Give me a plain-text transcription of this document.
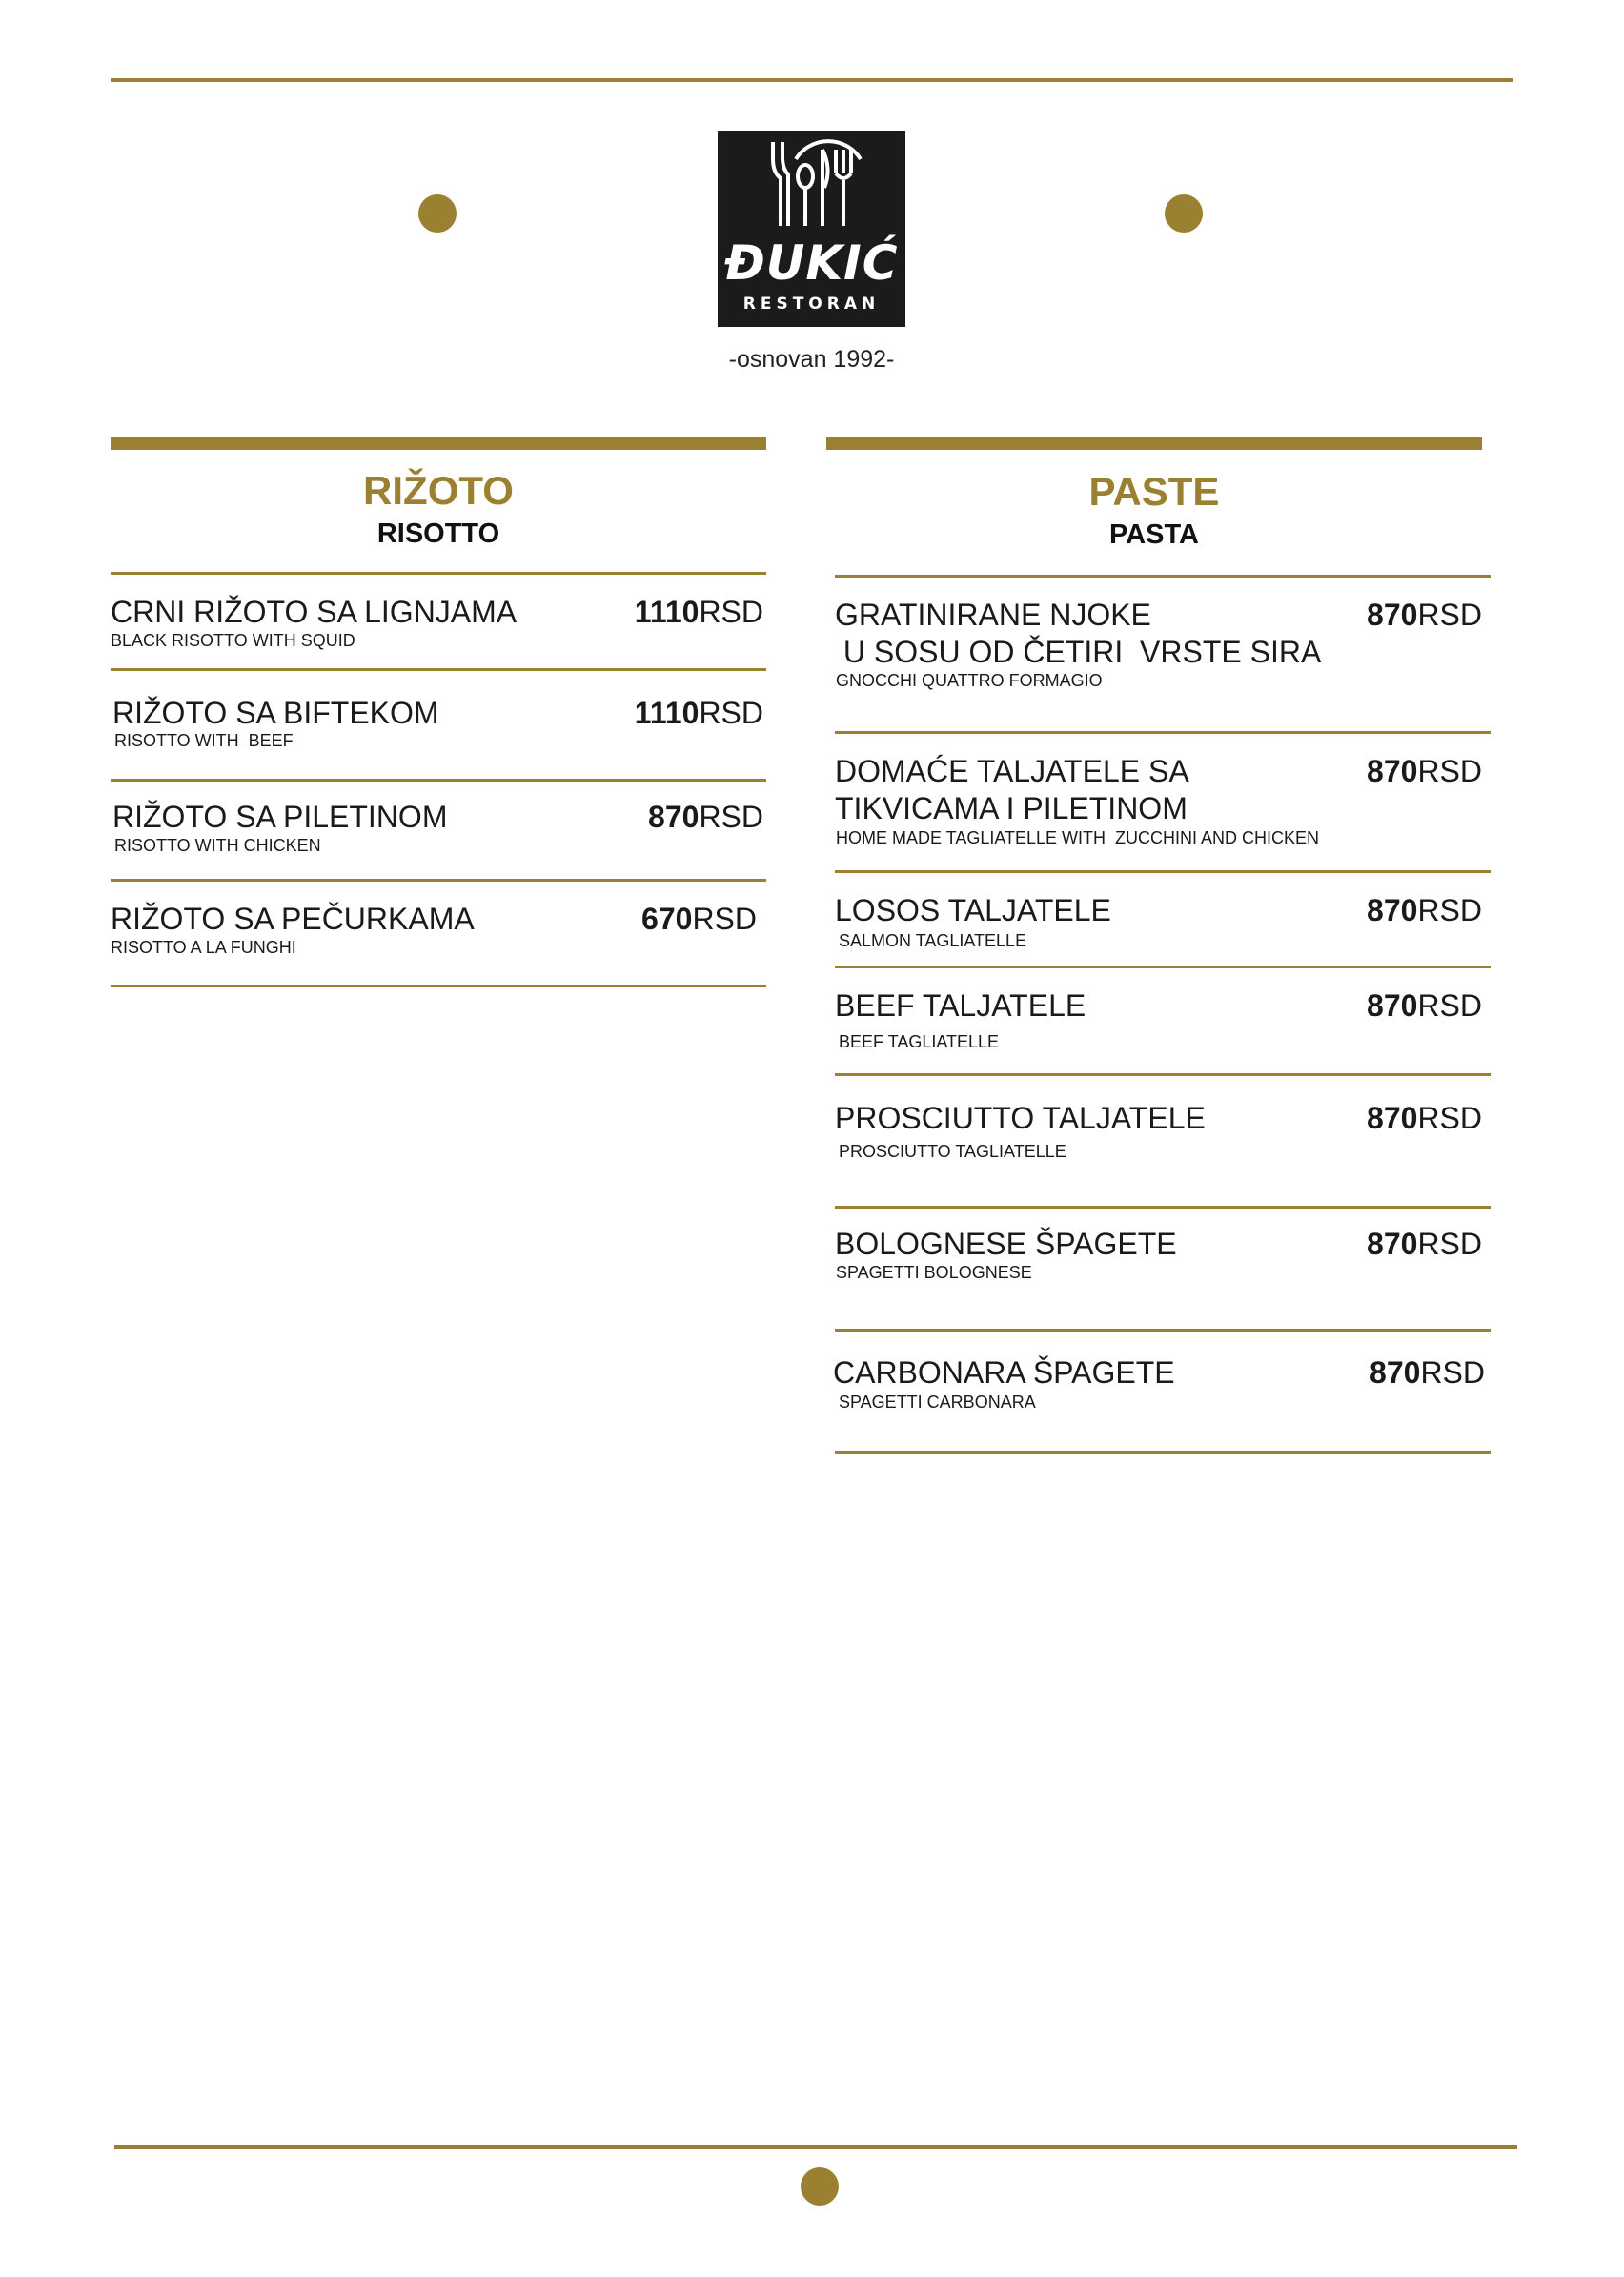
ĐUKIĆ
RESTORAN
-osnovan 1992-
RIŽOTO
RISOTTO
CRNI RIŽOTO SA LIGNJAMA
BLACK RISOTTO WITH SQUID
1110RSD
RIŽOTO SA BIFTEKOM
RISOTTO WITH  BEEF
1110RSD
RIŽOTO SA PILETINOM
RISOTTO WITH CHICKEN
870RSD
RIŽOTO SA PEČURKAMA
RISOTTO A LA FUNGHI
670RSD
PASTE
PASTA
GRATINIRANE NJOKE
U SOSU OD ČETIRI  VRSTE SIRA
GNOCCHI QUATTRO FORMAGIO
870RSD
DOMAĆE TALJATELE SA
TIKVICAMA I PILETINOM
HOME MADE TAGLIATELLE WITH  ZUCCHINI AND CHICKEN
870RSD
LOSOS TALJATELE
SALMON TAGLIATELLE
870RSD
BEEF TALJATELE
BEEF TAGLIATELLE
870RSD
PROSCIUTTO TALJATELE
PROSCIUTTO TAGLIATELLE
870RSD
BOLOGNESE ŠPAGETE
SPAGETTI BOLOGNESE
870RSD
CARBONARA ŠPAGETE
SPAGETTI CARBONARA
870RSD
